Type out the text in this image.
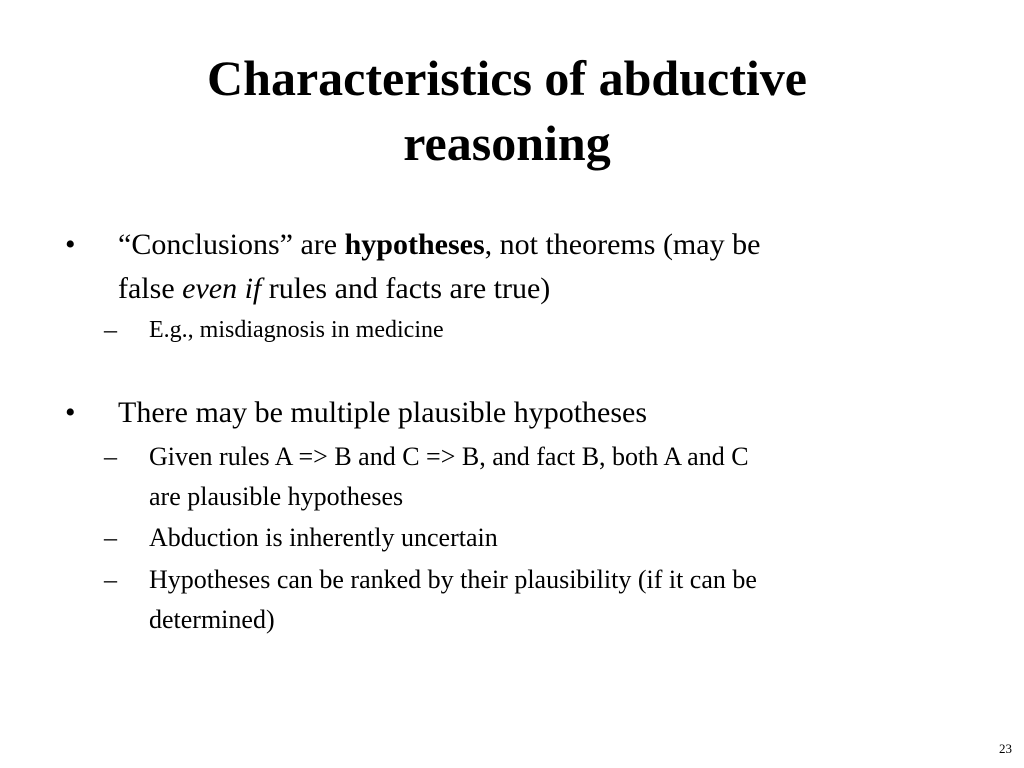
Characteristics of abductive
reasoning
•	“Conclusions” are hypotheses, not theorems (may be
false even if rules and facts are true)
– E.g., misdiagnosis in medicine
•	There may be multiple plausible hypotheses
– Given rules A => B and C => B, and fact B, both A and C
are plausible hypotheses
– Abduction is inherently uncertain
– Hypotheses can be ranked by their plausibility (if it can be
determined)
23
